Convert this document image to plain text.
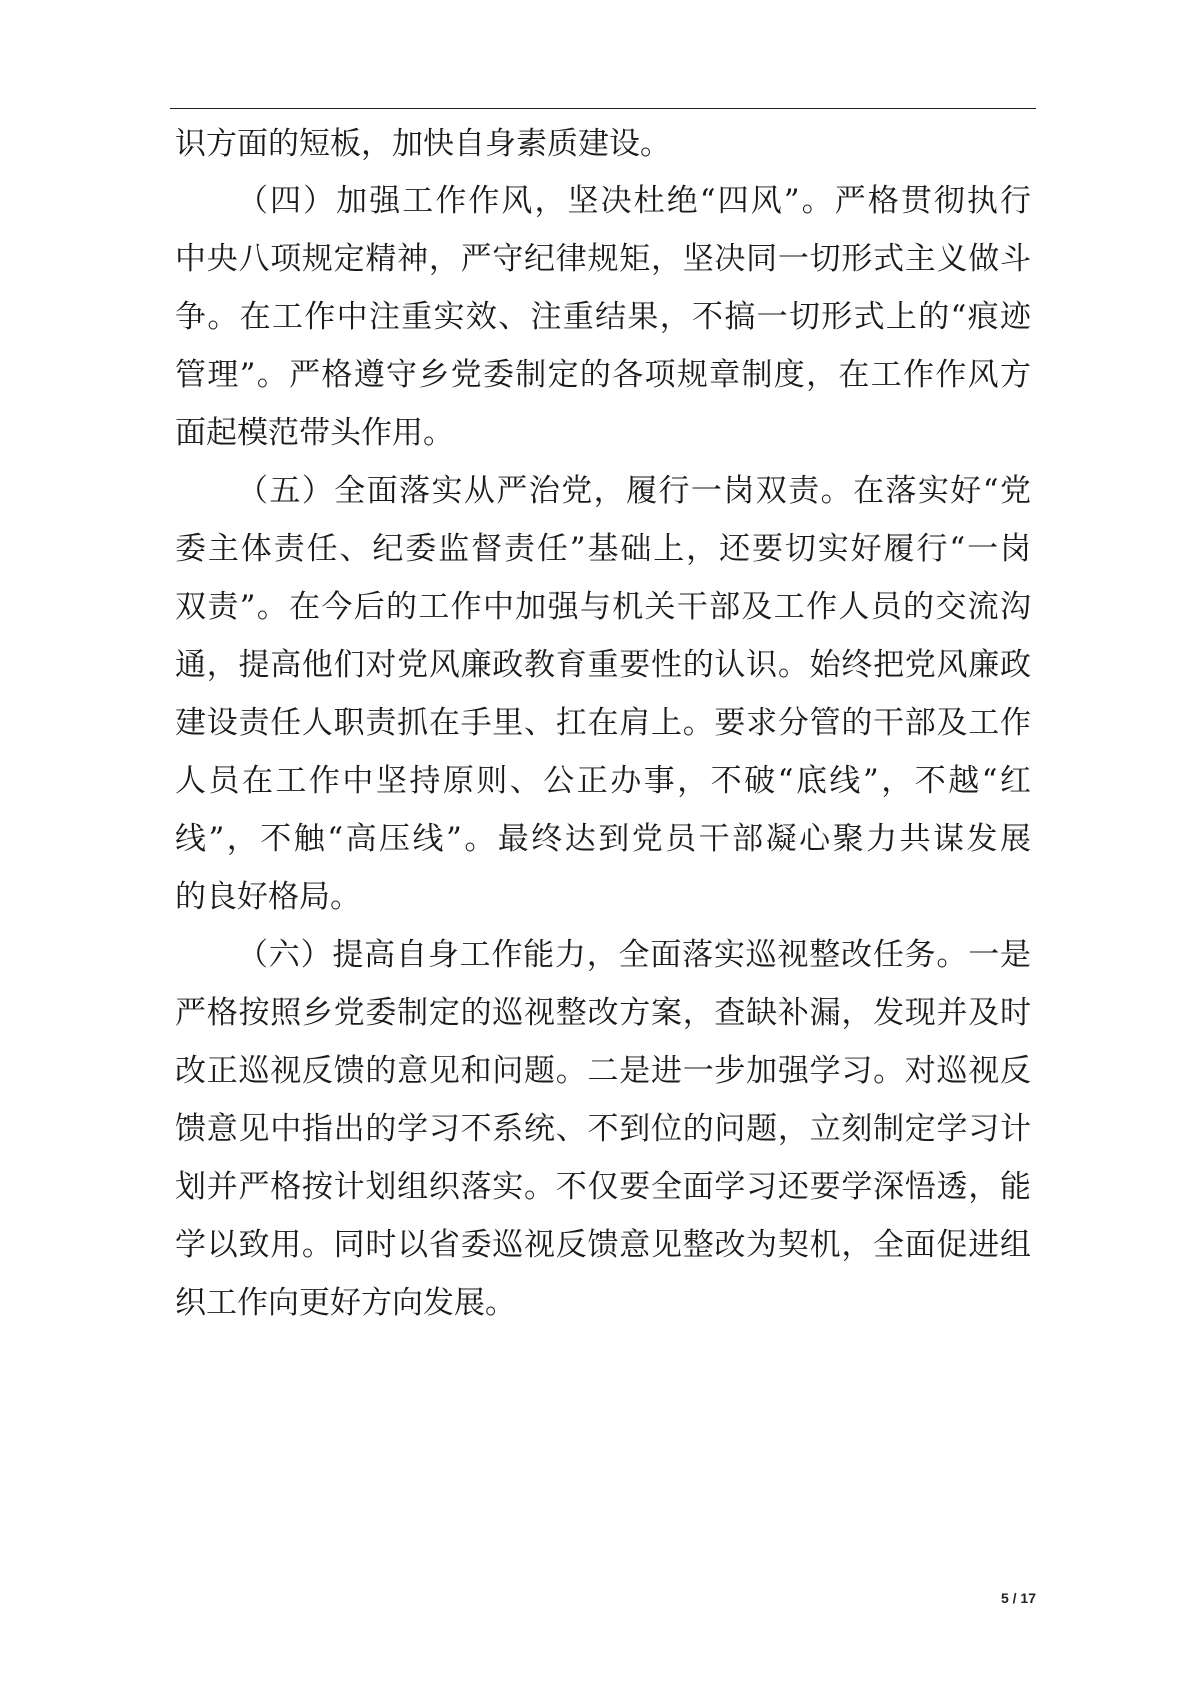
识方面的短板，加快自身素质建设。
（四）加强工作作风，坚决杜绝“四风”。严格贯彻执行
中央八项规定精神，严守纪律规矩，坚决同一切形式主义做斗
争。在工作中注重实效、注重结果，不搞一切形式上的“痕迹
管理”。严格遵守乡党委制定的各项规章制度，在工作作风方
面起模范带头作用。
（五）全面落实从严治党，履行一岗双责。在落实好“党
委主体责任、纪委监督责任”基础上，还要切实好履行“一岗
双责”。在今后的工作中加强与机关干部及工作人员的交流沟
通，提高他们对党风廉政教育重要性的认识。始终把党风廉政
建设责任人职责抓在手里、扛在肩上。要求分管的干部及工作
人员在工作中坚持原则、公正办事，不破“底线”，不越“红
线”，不触“高压线”。最终达到党员干部凝心聚力共谋发展
的良好格局。
（六）提高自身工作能力，全面落实巡视整改任务。一是
严格按照乡党委制定的巡视整改方案，查缺补漏，发现并及时
改正巡视反馈的意见和问题。二是进一步加强学习。对巡视反
馈意见中指出的学习不系统、不到位的问题，立刻制定学习计
划并严格按计划组织落实。不仅要全面学习还要学深悟透，能
学以致用。同时以省委巡视反馈意见整改为契机，全面促进组
织工作向更好方向发展。
5 / 17
